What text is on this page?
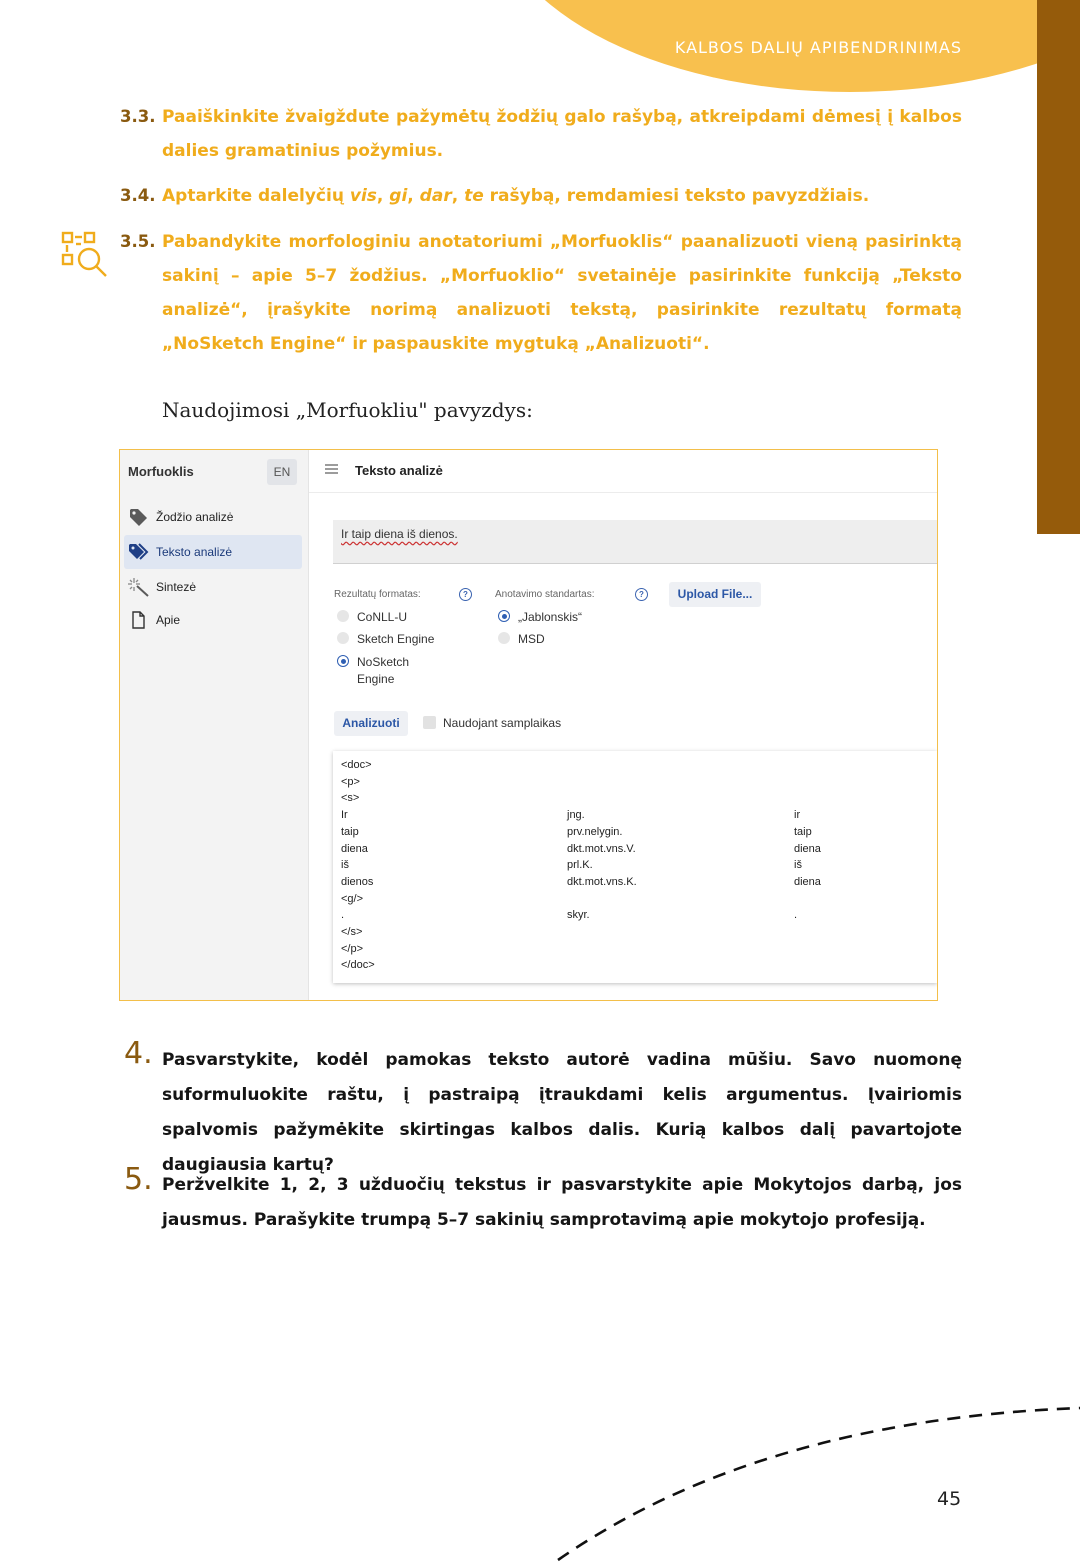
KALBOS DALIŲ APIBENDRINIMAS
3.3. Paaiškinkite žvaigždute pažymėtų žodžių galo rašybą, atkreipdami dėmesį į kalbos dalies gramatinius požymius.
3.4. Aptarkite dalelyčių vis, gi, dar, te rašybą, remdamiesi teksto pavyzdžiais.
3.5. Pabandykite morfologiniu anotatoriumi „Morfuoklis“ paanalizuoti vieną pasirinktą sakinį – apie 5–7 žodžius. „Morfuoklio“ svetainėje pasirinkite funkciją „Teksto analizė“, įrašykite norimą analizuoti tekstą, pasirinkite rezultatų formatą „NoSketch Engine“ ir paspauskite mygtuką „Analizuoti“.
Naudojimosi „Morfuokliu" pavyzdys:
Morfuoklis	EN
Žodžio analizė
Teksto analizė
Sintezė
Apie
Teksto analizė
Ir taip diena iš dienos.
Rezultatų formatas:	?	Anotavimo standartas:	?	Upload File...
CoNLL-U
Sketch Engine
NoSketch
Engine
„Jablonskis“
MSD
Analizuoti	Naudojant samplaikas
<doc>
<p>
<s>
Ir	jng.	ir
taip	prv.nelygin.	taip
diena	dkt.mot.vns.V.	diena
iš	prl.K.	iš
dienos	dkt.mot.vns.K.	diena
<g/>
.	skyr.	.
</s>
</p>
</doc>
4. Pasvarstykite, kodėl pamokas teksto autorė vadina mūšiu. Savo nuomonę suformuluokite raštu, į pastraipą įtraukdami kelis argumentus. Įvairiomis spalvomis pažymėkite skirtingas kalbos dalis. Kurią kalbos dalį pavartojote daugiausia kartų?
5. Peržvelkite 1, 2, 3 užduočių tekstus ir pasvarstykite apie Mokytojos darbą, jos jausmus. Parašykite trumpą 5–7 sakinių samprotavimą apie mokytojo profesiją.
45
